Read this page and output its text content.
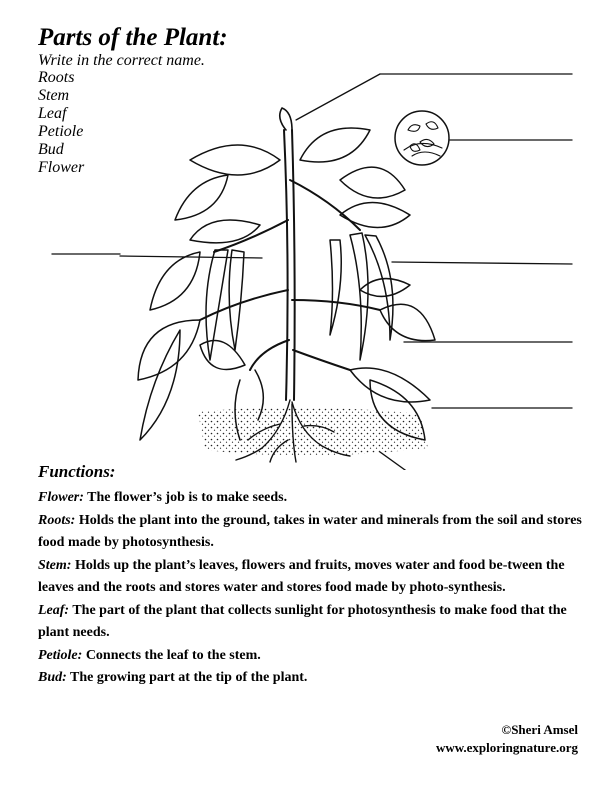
Parts of the Plant:
Write in the correct name.
Roots
Stem
Leaf
Petiole
Bud
Flower
Functions:

Flower: The flower’s job is to make seeds.

Roots: Holds the plant into the ground, takes in water and minerals from the soil and stores food made by photosynthesis.

Stem: Holds up the plant’s leaves, flowers and fruits, moves water and food be-tween the leaves and the roots and stores water and stores food made by photo-synthesis.

Leaf: The part of the plant that collects sunlight for photosynthesis to make food that the plant needs.

Petiole: Connects the leaf to the stem.

Bud: The growing part at the tip of the plant.

©Sheri Amsel
www.exploringnature.org
